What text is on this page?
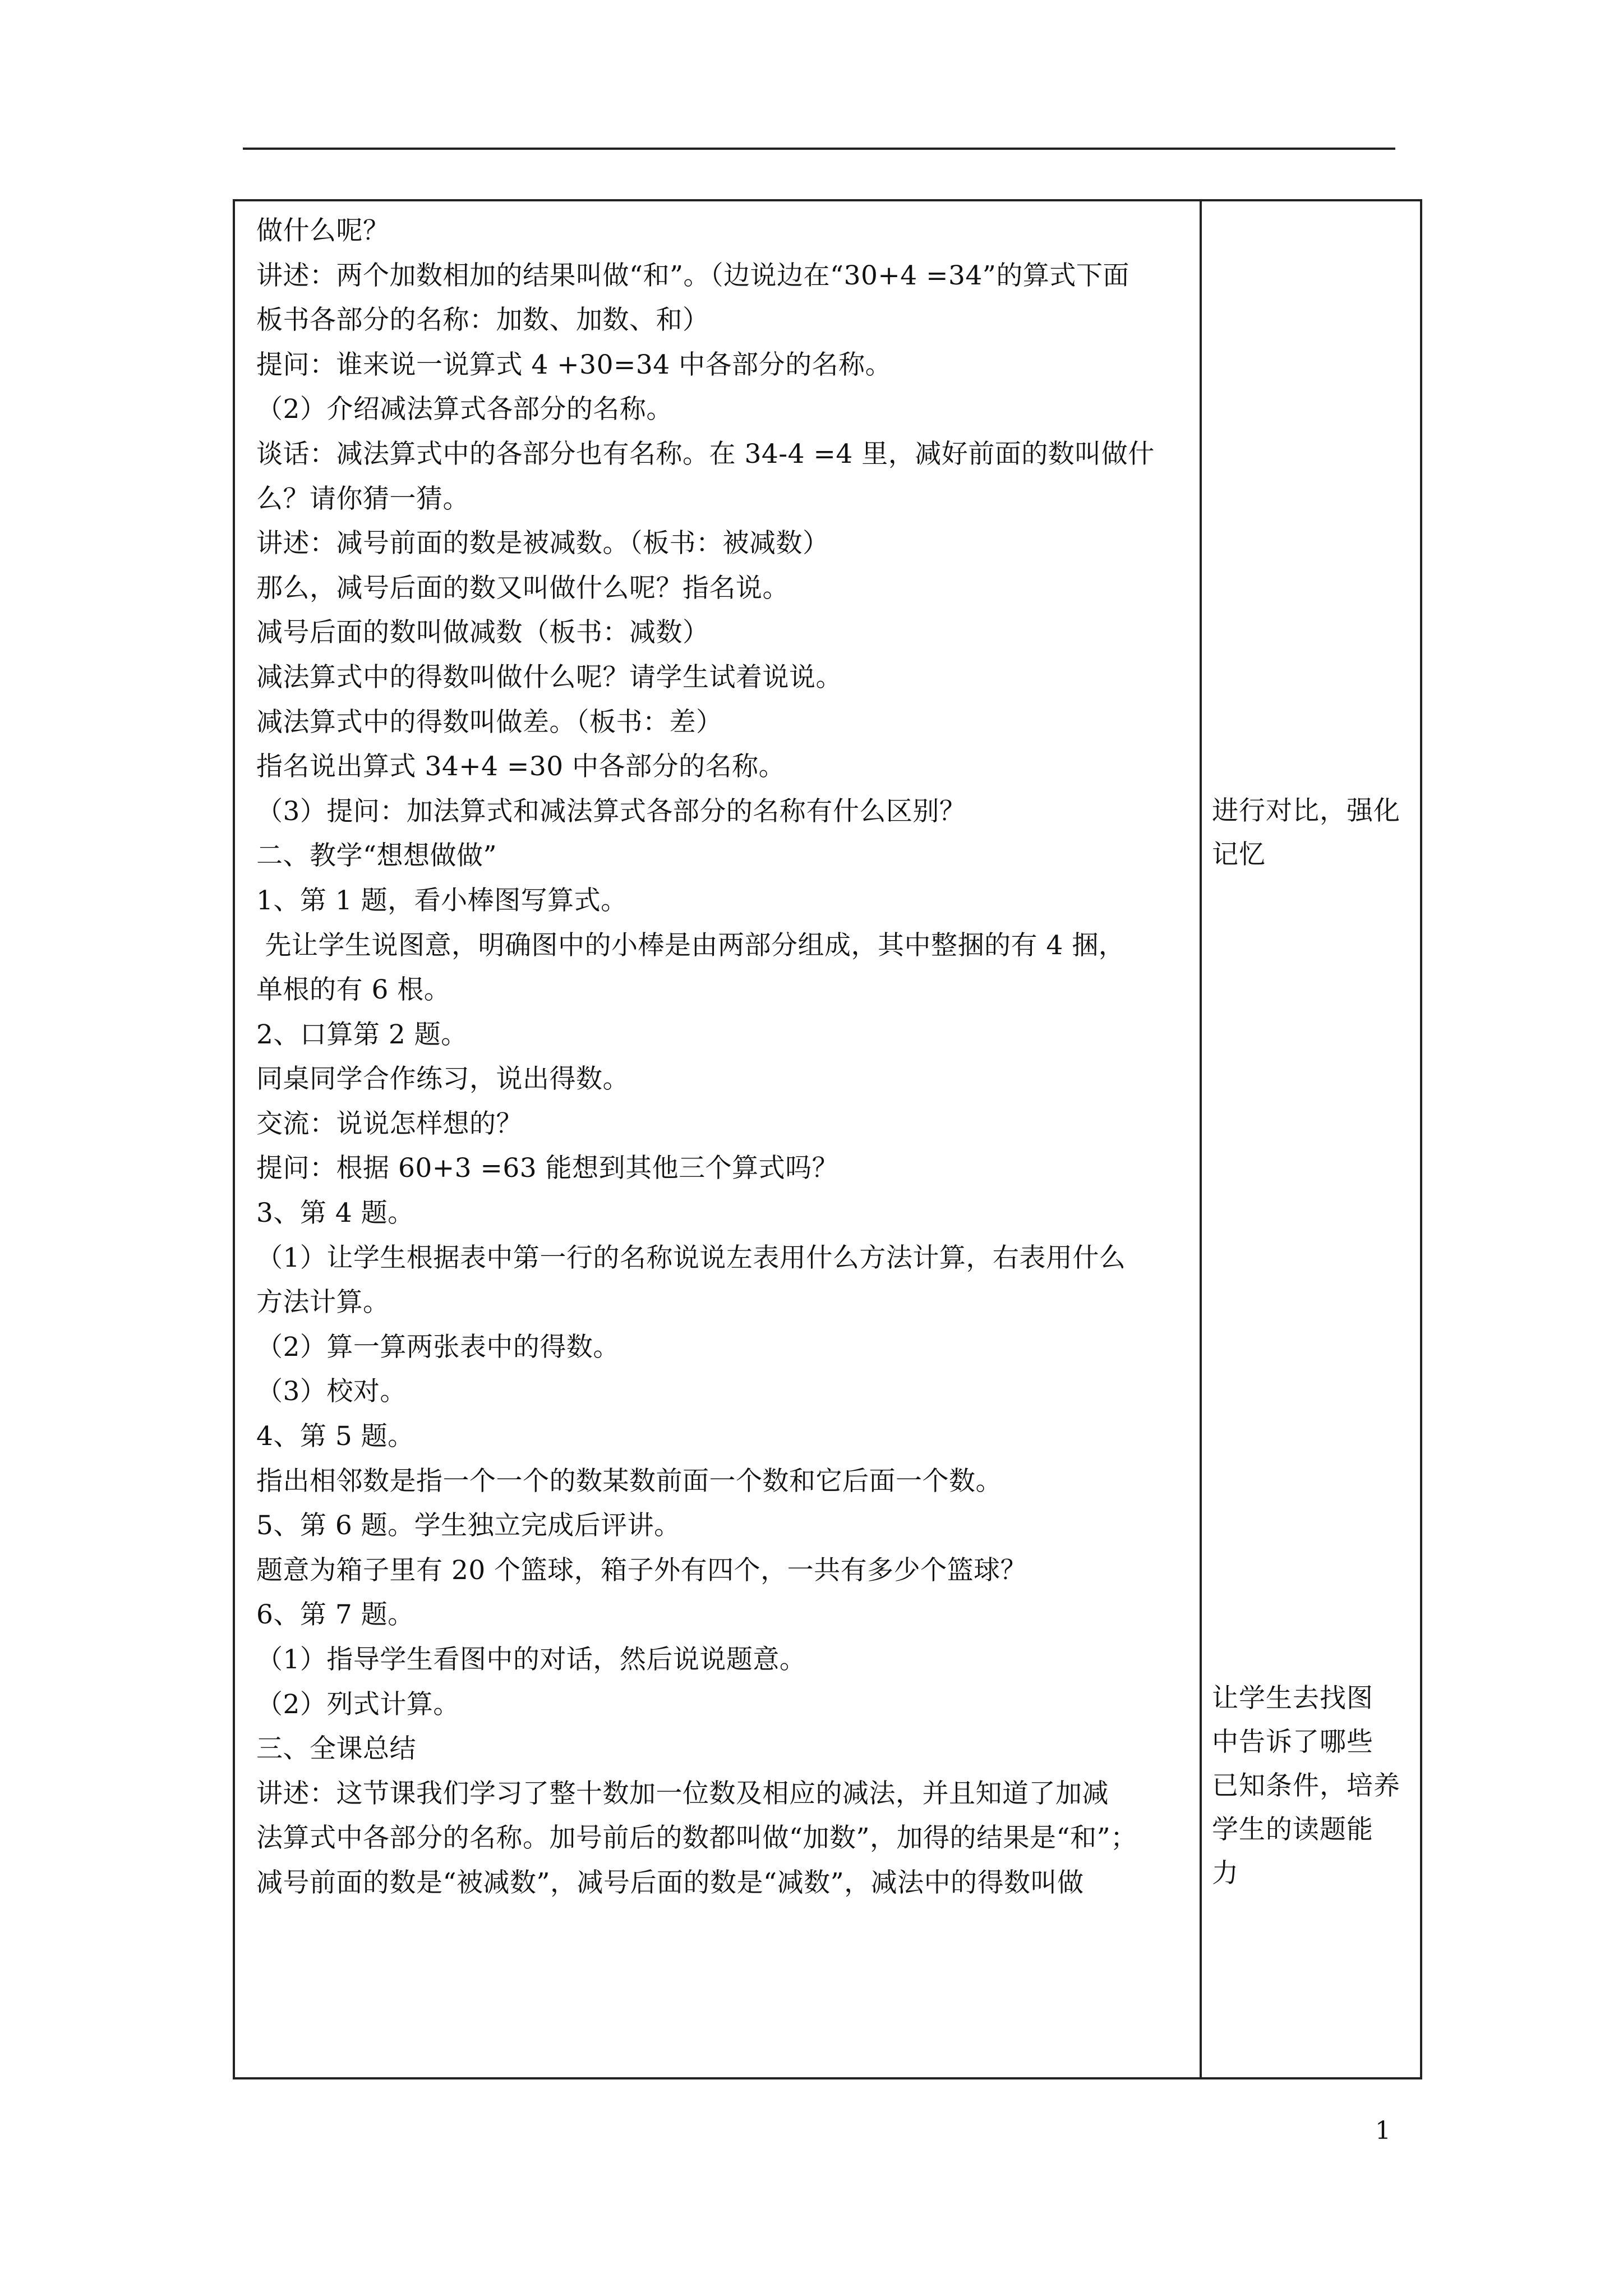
做什么呢？
讲述：两个加数相加的结果叫做“和”。（边说边在“30+4 =34”的算式下面
板书各部分的名称：加数、加数、和）
提问：谁来说一说算式 4 +30=34 中各部分的名称。
（2）介绍减法算式各部分的名称。
谈话：减法算式中的各部分也有名称。在 34-4 =4 里，减好前面的数叫做什
么？请你猜一猜。
讲述：减号前面的数是被减数。（板书：被减数）
那么，减号后面的数又叫做什么呢？指名说。
减号后面的数叫做减数（板书：减数）
减法算式中的得数叫做什么呢？请学生试着说说。
减法算式中的得数叫做差。（板书：差）
指名说出算式 34+4 =30 中各部分的名称。
（3）提问：加法算式和减法算式各部分的名称有什么区别？
二、教学“想想做做”
1、第 1 题，看小棒图写算式。
先让学生说图意，明确图中的小棒是由两部分组成，其中整捆的有 4 捆，
单根的有 6 根。
2、口算第 2 题。
同桌同学合作练习，说出得数。
交流：说说怎样想的？
提问：根据 60+3 =63 能想到其他三个算式吗？
3、第 4 题。
（1）让学生根据表中第一行的名称说说左表用什么方法计算，右表用什么
方法计算。
（2）算一算两张表中的得数。
（3）校对。
4、第 5 题。
指出相邻数是指一个一个的数某数前面一个数和它后面一个数。
5、第 6 题。学生独立完成后评讲。
题意为箱子里有 20 个篮球，箱子外有四个，一共有多少个篮球？
6、第 7 题。
（1）指导学生看图中的对话，然后说说题意。
（2）列式计算。
三、全课总结
讲述：这节课我们学习了整十数加一位数及相应的减法，并且知道了加减
法算式中各部分的名称。加号前后的数都叫做“加数”，加得的结果是“和”；
减号前面的数是“被减数”，减号后面的数是“减数”，减法中的得数叫做
进行对比，强化
记忆
让学生去找图
中告诉了哪些
已知条件，培养
学生的读题能
力
1
